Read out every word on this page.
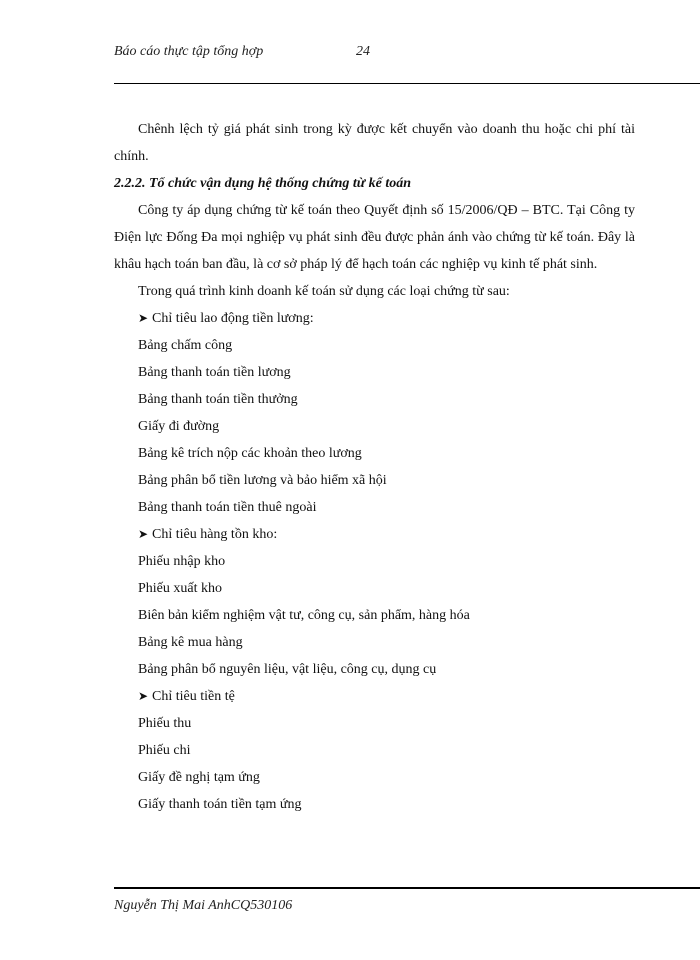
Báo cáo thực tập tổng hợp	24

Chênh lệch tỷ giá phát sinh trong kỳ được kết chuyển vào doanh thu hoặc chi phí tài chính.

2.2.2. Tổ chức vận dụng hệ thống chứng từ kế toán

Công ty áp dụng chứng từ kế toán theo Quyết định số 15/2006/QĐ – BTC. Tại Công ty Điện lực Đống Đa mọi nghiệp vụ phát sinh đều được phản ánh vào chứng từ kế toán. Đây là khâu hạch toán ban đầu, là cơ sở pháp lý để hạch toán các nghiệp vụ kinh tế phát sinh.

Trong quá trình kinh doanh kế toán sử dụng các loại chứng từ sau:

➤ Chỉ tiêu lao động tiền lương:

Bảng chấm công

Bảng thanh toán tiền lương

Bảng thanh toán tiền thưởng

Giấy đi đường

Bảng kê trích nộp các khoản theo lương

Bảng phân bổ tiền lương và bảo hiểm xã hội

Bảng thanh toán tiền thuê ngoài

➤ Chỉ tiêu hàng tồn kho:

Phiếu nhập kho

Phiếu xuất kho

Biên bản kiểm nghiệm vật tư, công cụ, sản phẩm, hàng hóa

Bảng kê mua hàng

Bảng phân bổ nguyên liệu, vật liệu, công cụ, dụng cụ

➤ Chỉ tiêu tiền tệ

Phiếu thu

Phiếu chi

Giấy đề nghị tạm ứng

Giấy thanh toán tiền tạm ứng

Nguyễn Thị Mai AnhCQ530106
